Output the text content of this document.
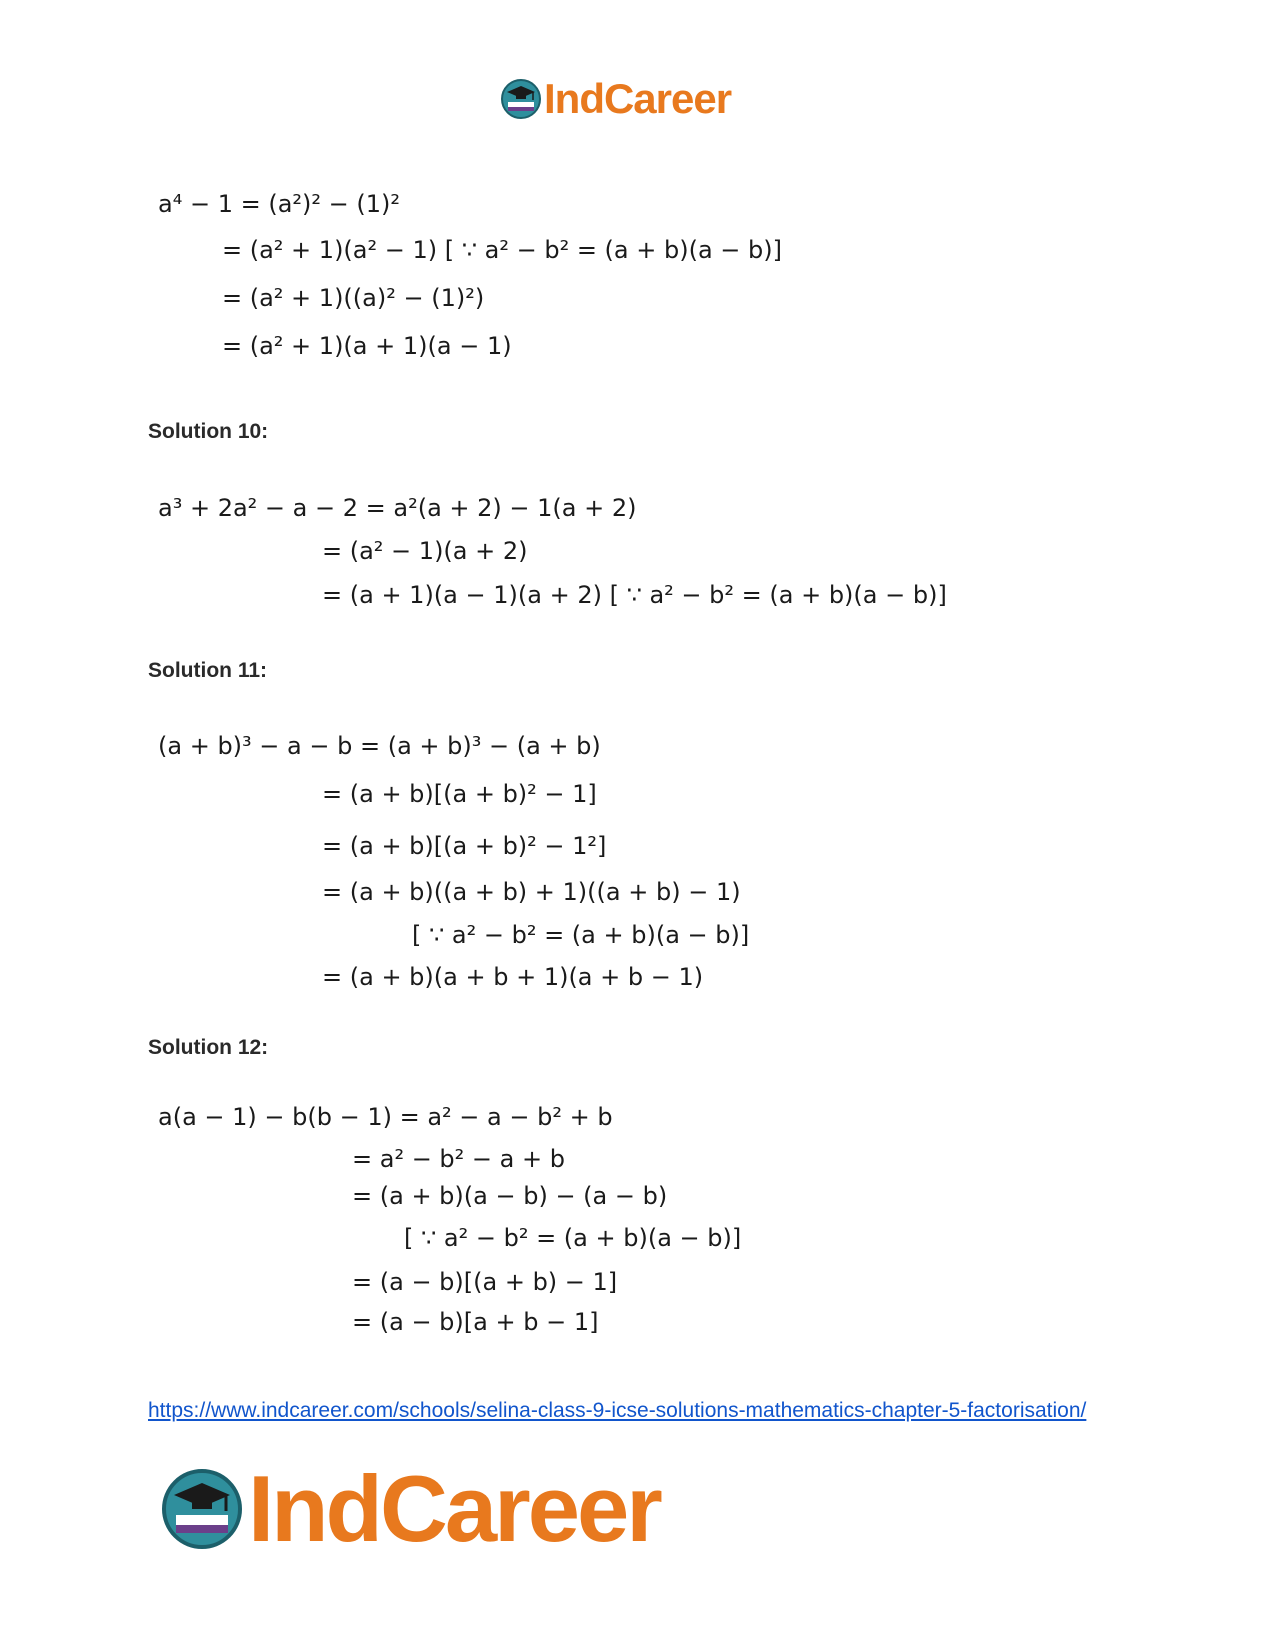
IndCareer
a⁴ − 1 = (a²)² − (1)²
= (a² + 1)(a² − 1) [ ∵ a² − b² = (a + b)(a − b)]
= (a² + 1)((a)² − (1)²)
= (a² + 1)(a + 1)(a − 1)
Solution 10:
a³ + 2a² − a − 2 = a²(a + 2) − 1(a + 2)
= (a² − 1)(a + 2)
= (a + 1)(a − 1)(a + 2) [ ∵ a² − b² = (a + b)(a − b)]
Solution 11:
(a + b)³ − a − b = (a + b)³ − (a + b)
= (a + b)[(a + b)² − 1]
= (a + b)[(a + b)² − 1²]
= (a + b)((a + b) + 1)((a + b) − 1)
[ ∵ a² − b² = (a + b)(a − b)]
= (a + b)(a + b + 1)(a + b − 1)
Solution 12:
a(a − 1) − b(b − 1) = a² − a − b² + b
= a² − b² − a + b
= (a + b)(a − b) − (a − b)
[ ∵ a² − b² = (a + b)(a − b)]
= (a − b)[(a + b) − 1]
= (a − b)[a + b − 1]
https://www.indcareer.com/schools/selina-class-9-icse-solutions-mathematics-chapter-5-factorisation/
IndCareer
